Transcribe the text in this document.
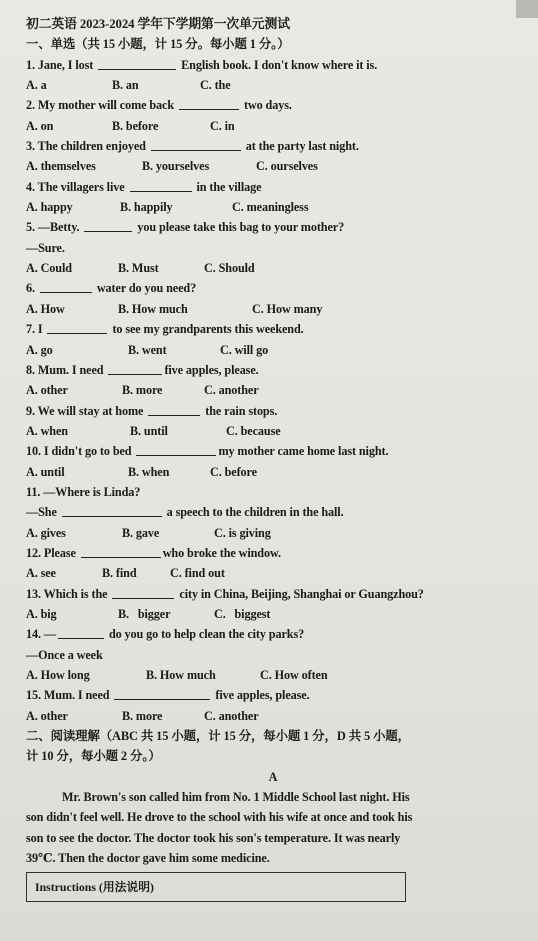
初二英语 2023-2024 学年下学期第一次单元测试
一、单选（共 15 小题，计 15 分。每小题 1 分。）
1. Jane, I lost	English book. I don't know where it is.
A. a	B. an	C. the
2. My mother will come back	two days.
A. on	B. before	C. in
3. The children enjoyed	at the party last night.
A. themselves	B. yourselves	C. ourselves
4. The villagers live	in the village
A. happy	B. happily	C. meaningless
5. —Betty.	you please take this bag to your mother?
—Sure.
A. Could	B. Must	C. Should
6.	water do you need?
A. How	B. How much	C. How many
7. I	to see my grandparents this weekend.
A. go	B. went	C. will go
8. Mum. I need	five apples, please.
A. other	B. more	C. another
9. We will stay at home	the rain stops.
A. when	B. until	C. because
10. I didn't go to bed	my mother came home last night.
A. until	B. when	C. before
11. —Where is Linda?
—She	a speech to the children in the hall.
A. gives	B. gave	C. is giving
12. Please	who broke the window.
A. see	B. find	C. find out
13. Which is the	city in China, Beijing, Shanghai or Guangzhou?
A. big	B.   bigger	C.   biggest
14. —	do you go to help clean the city parks?
—Once a week
A. How long	B. How much	C. How often
15. Mum. I need	five apples, please.
A. other	B. more	C. another
二、阅读理解（ABC 共 15 小题，计 15 分，每小题 1 分，D 共 5 小题，
计 10 分，每小题 2 分。）
A
Mr. Brown's son called him from No. 1 Middle School last night. His
son didn't feel well. He drove to the school with his wife at once and took his
son to see the doctor. The doctor took his son's temperature. It was nearly
39℃. Then the doctor gave him some medicine.
Instructions (用法说明)
